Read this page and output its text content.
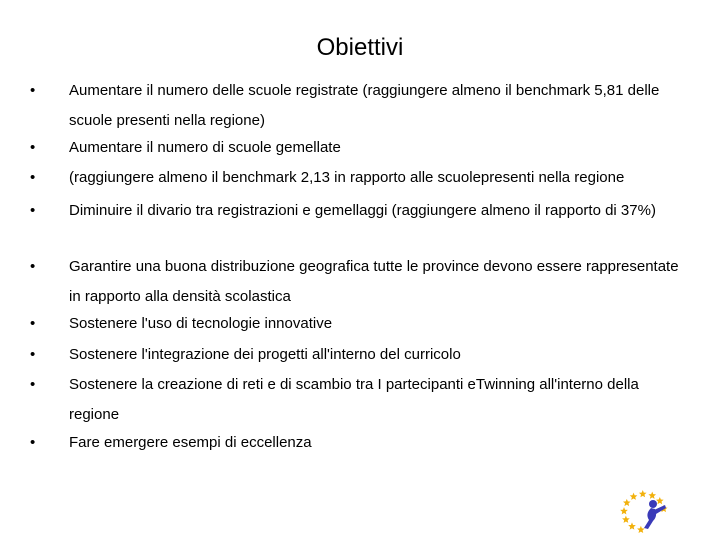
Obiettivi
•	Aumentare il numero delle scuole registrate (raggiungere almeno il benchmark 5,81 delle scuole presenti nella regione)
•	Aumentare il numero di scuole gemellate
•	(raggiungere almeno il benchmark 2,13 in rapporto alle scuolepresenti nella regione
•	Diminuire il divario tra registrazioni e gemellaggi (raggiungere almeno il rapporto di 37%)
•	Garantire una buona distribuzione geografica tutte le province devono essere rappresentate in rapporto alla densità scolastica
•	Sostenere l'uso di tecnologie innovative
•	Sostenere l'integrazione dei progetti all'interno del curricolo
•	Sostenere la creazione di reti e di scambio tra I partecipanti eTwinning all'interno della regione
•	Fare emergere esempi di eccellenza
